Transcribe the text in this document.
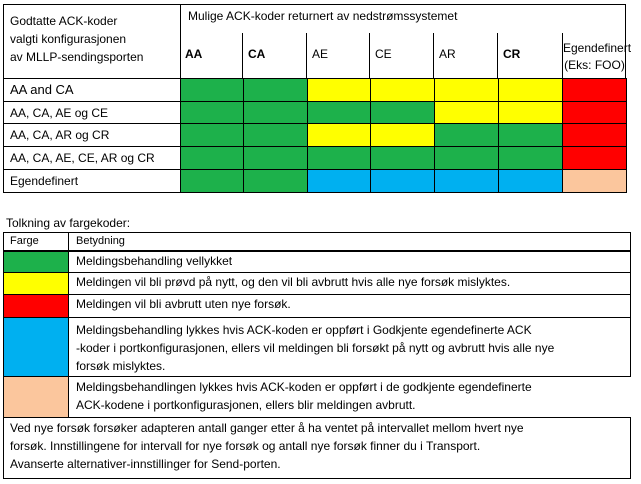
Godtatte ACK-koder
valgti konfigurasjonen
av MLLP-sendingsporten
Mulige ACK-koder returnert av nedstrømssystemet
AA	CA	AE	CE	AR	CR	Egendefinert
(Eks: FOO)
AA and CA
AA, CA, AE og CE
AA, CA, AR og CR
AA, CA, AE, CE, AR og CR
Egendefinert
Tolkning av fargekoder:
Farge	Betydning
Meldingsbehandling vellykket
Meldingen vil bli prøvd på nytt, og den vil bli avbrutt hvis alle nye forsøk mislyktes.
Meldingen vil bli avbrutt uten nye forsøk.
Meldingsbehandling lykkes hvis ACK-koden er oppført i Godkjente egendefinerte ACK
-koder i portkonfigurasjonen, ellers vil meldingen bli forsøkt på nytt og avbrutt hvis alle nye
forsøk mislyktes.
Meldingsbehandlingen lykkes hvis ACK-koden er oppført i de godkjente egendefinerte
ACK-kodene i portkonfigurasjonen, ellers blir meldingen avbrutt.
Ved nye forsøk forsøker adapteren antall ganger etter å ha ventet på intervallet mellom hvert nye
forsøk. Innstillingene for intervall for nye forsøk og antall nye forsøk finner du i Transport.
Avanserte alternativer-innstillinger for Send-porten.
